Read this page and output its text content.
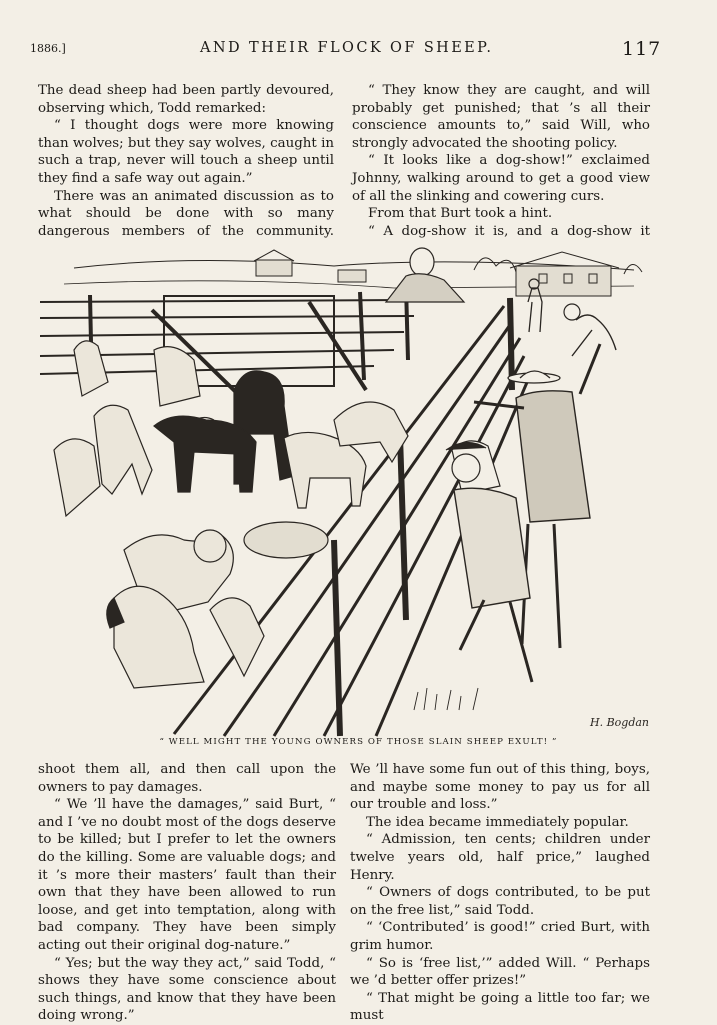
1886.]	AND THEIR FLOCK OF SHEEP.	117

The dead sheep had been partly devoured, observing which, Todd remarked:

“ I thought dogs were more knowing than wolves; but they say wolves, caught in such a trap, never will touch a sheep until they find a safe way out again.”

There was an animated discussion as to what should be done with so many dangerous members of the community.

“ They know they are caught, and will probably get punished; that ’s all their conscience amounts to,” said Will, who strongly advocated the shooting policy.

“ It looks like a dog-show!” exclaimed Johnny, walking around to get a good view of all the slinking and cowering curs.

From that Burt took a hint.

“ A dog-show it is, and a dog-show it

H. Bogdan
“ WELL MIGHT THE YOUNG OWNERS OF THOSE SLAIN SHEEP EXULT! ”

shoot them all, and then call upon the owners to pay damages.

“ We ’ll have the damages,” said Burt, “ and I ’ve no doubt most of the dogs deserve to be killed; but I prefer to let the owners do the killing. Some are valuable dogs; and it ’s more their masters’ fault than their own that they have been allowed to run loose, and get into temptation, along with bad company. They have been simply acting out their original dog-nature.”

“ Yes; but the way they act,” said Todd, “ shows they have some conscience about such things, and know that they have been doing wrong.”

We ’ll have some fun out of this thing, boys, and maybe some money to pay us for all our trouble and loss.”

The idea became immediately popular.

“ Admission, ten cents; children under twelve years old, half price,” laughed Henry.

“ Owners of dogs contributed, to be put on the free list,” said Todd.

“ ‘Contributed’ is good!” cried Burt, with grim humor.

“ So is ‘free list,’” added Will. “ Perhaps we ’d better offer prizes!”

“ That might be going a little too far; we must
